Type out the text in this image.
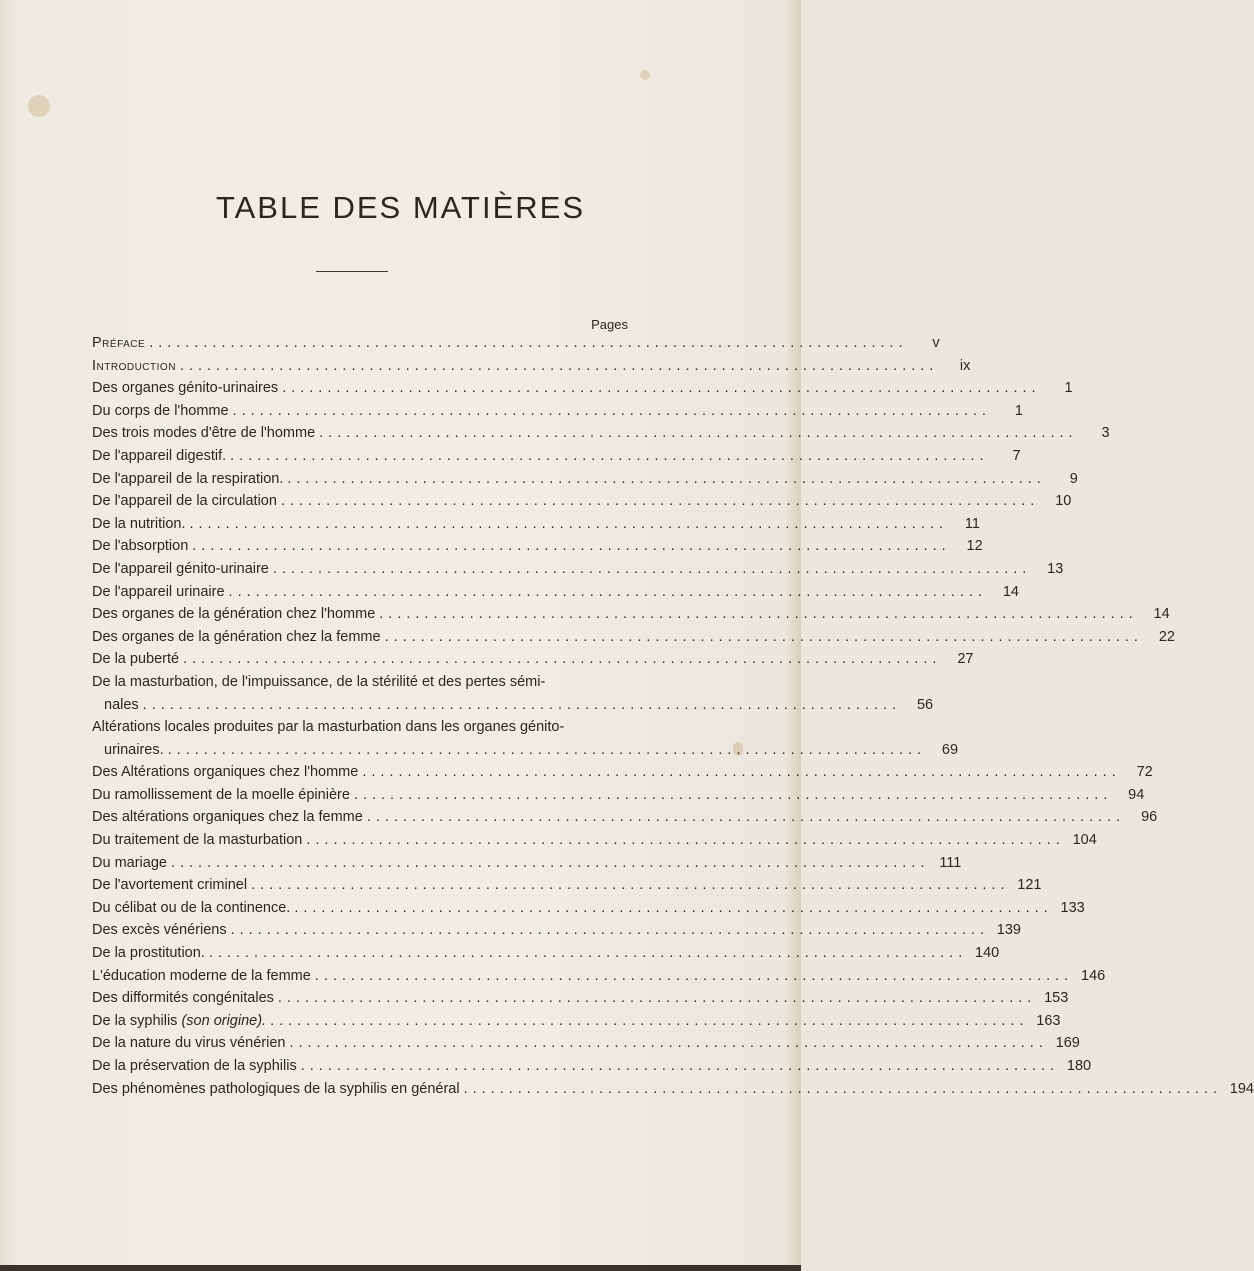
TABLE DES MATIÈRES
Pages
Préface ....................................................................................	v
Introduction ....................................................................................	ix
Des organes génito-urinaires ....................................................................................	1
Du corps de l'homme ....................................................................................	1
Des trois modes d'être de l'homme ....................................................................................	3
De l'appareil digestif. ....................................................................................	7
De l'appareil de la respiration. ....................................................................................	9
De l'appareil de la circulation ....................................................................................	10
De la nutrition. ....................................................................................	11
De l'absorption ....................................................................................	12
De l'appareil génito-urinaire ....................................................................................	13
De l'appareil urinaire ....................................................................................	14
Des organes de la génération chez l'homme ....................................................................................	14
Des organes de la génération chez la femme ....................................................................................	22
De la puberté ....................................................................................	27
De la masturbation, de l'impuissance, de la stérilité et des pertes sémi-
nales ....................................................................................	56
Altérations locales produites par la masturbation dans les organes génito-
urinaires. ....................................................................................	69
Des Altérations organiques chez l'homme ....................................................................................	72
Du ramollissement de la moelle épinière ....................................................................................	94
Des altérations organiques chez la femme ....................................................................................	96
Du traitement de la masturbation .................................................................................... 104
Du mariage .................................................................................... 111
De l'avortement criminel .................................................................................... 121
Du célibat ou de la continence. .................................................................................... 133
Des excès vénériens .................................................................................... 139
De la prostitution. .................................................................................... 140
L'éducation moderne de la femme .................................................................................... 146
Des difformités congénitales .................................................................................... 153
De la syphilis (son origine). .................................................................................... 163
De la nature du virus vénérien .................................................................................... 169
De la préservation de la syphilis .................................................................................... 180
Des phénomènes pathologiques de la syphilis en général .................................................................................... 194
